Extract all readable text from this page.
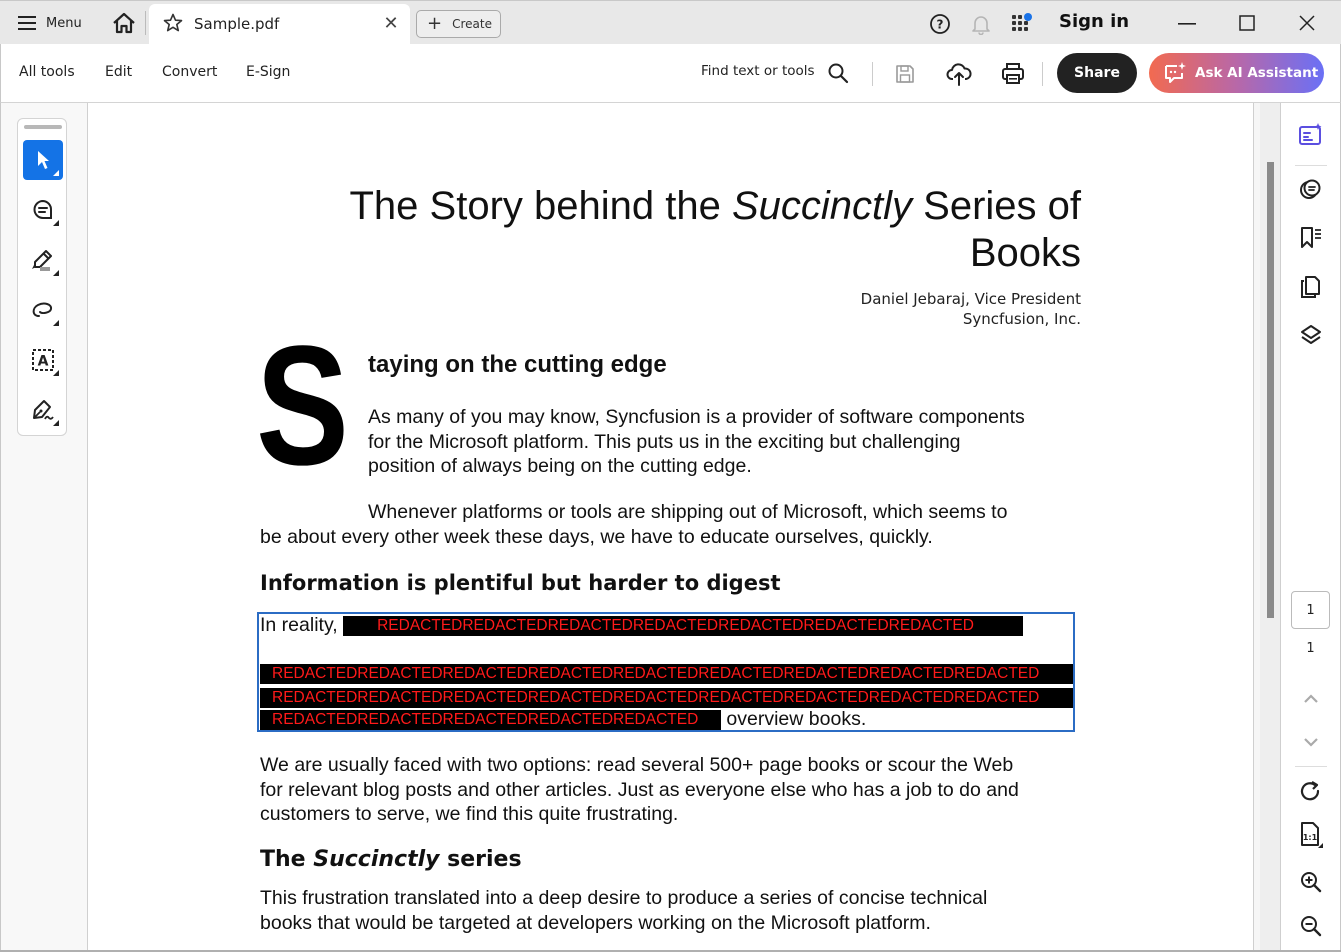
Menu	Sample.pdf	✕ + Create	?	Sign in
All tools Edit Convert E-Sign	Find text or tools	Share	Ask AI Assistant
A
The Story behind the Succinctly Series of
Books
Daniel Jebaraj, Vice President
Syncfusion, Inc.
S taying on the cutting edge
As many of you may know, Syncfusion is a provider of software components
for the Microsoft platform. This puts us in the exciting but challenging
position of always being on the cutting edge.
Whenever platforms or tools are shipping out of Microsoft, which seems to
be about every other week these days, we have to educate ourselves, quickly.
Information is plentiful but harder to digest
In reality, REDACTEDREDACTEDREDACTEDREDACTEDREDACTEDREDACTEDREDACTED
REDACTEDREDACTEDREDACTEDREDACTEDREDACTEDREDACTEDREDACTEDREDACTEDREDACTED
REDACTEDREDACTEDREDACTEDREDACTEDREDACTEDREDACTEDREDACTEDREDACTEDREDACTED
REDACTEDREDACTEDREDACTEDREDACTEDREDACTED overview books.
We are usually faced with two options: read several 500+ page books or scour the Web
for relevant blog posts and other articles. Just as everyone else who has a job to do and
customers to serve, we find this quite frustrating.
The Succinctly series
This frustration translated into a deep desire to produce a series of concise technical
books that would be targeted at developers working on the Microsoft platform.
1
1
1:1
